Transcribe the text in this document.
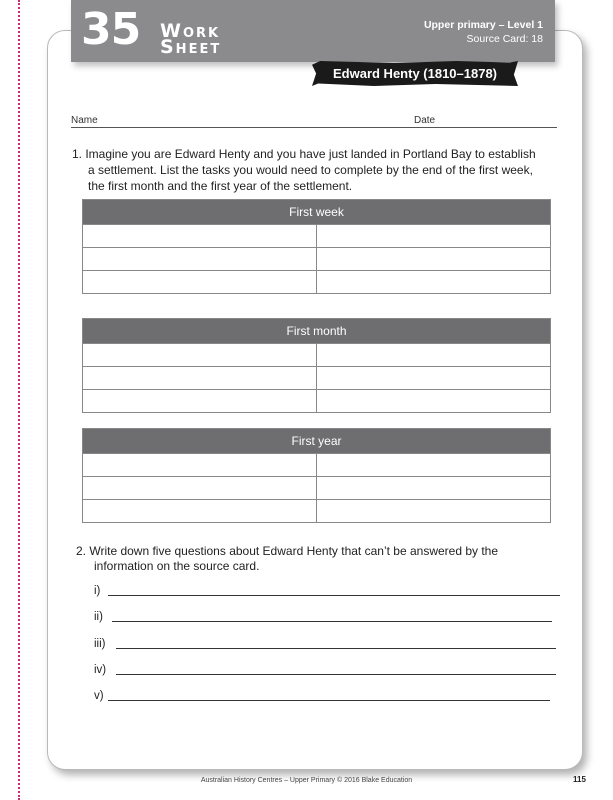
35 Work
Sheet
Upper primary – Level 1
Source Card: 18
Edward Henty (1810–1878)
Name	Date
1. Imagine you are Edward Henty and you have just landed in Portland Bay to establish
a settlement. List the tasks you would need to complete by the end of the first week,
the first month and the first year of the settlement.
First week
First month
First year
2. Write down five questions about Edward Henty that can’t be answered by the
information on the source card.
i)
ii)
iii)
iv)
v)
Australian History Centres – Upper Primary © 2016 Blake Education	115
